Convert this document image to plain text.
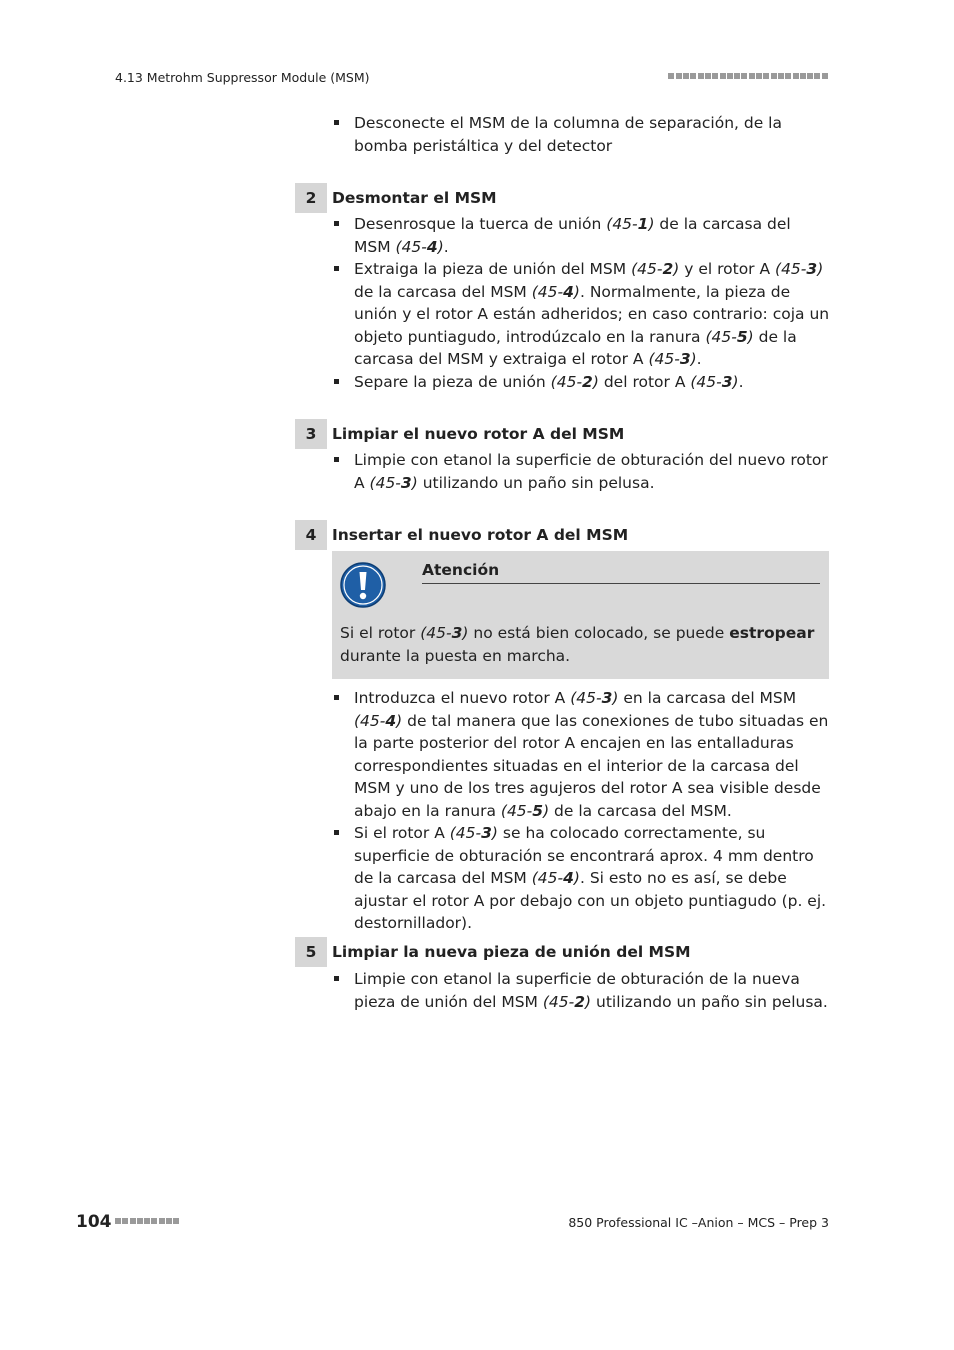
4.13 Metrohm Suppressor Module (MSM)
Desconecte el MSM de la columna de separación, de la bomba peristáltica y del detector
2	Desmontar el MSM
Desenrosque la tuerca de unión (45-1) de la carcasa del MSM (45-4).
Extraiga la pieza de unión del MSM (45-2) y el rotor A (45-3) de la carcasa del MSM (45-4). Normalmente, la pieza de unión y el rotor A están adheridos; en caso contrario: coja un objeto puntiagudo, introdúzcalo en la ranura (45-5) de la carcasa del MSM y extraiga el rotor A (45-3).
Separe la pieza de unión (45-2) del rotor A (45-3).
3	Limpiar el nuevo rotor A del MSM
Limpie con etanol la superficie de obturación del nuevo rotor A (45-3) utilizando un paño sin pelusa.
4	Insertar el nuevo rotor A del MSM
Atención
Si el rotor (45-3) no está bien colocado, se puede estropear durante la puesta en marcha.
Introduzca el nuevo rotor A (45-3) en la carcasa del MSM (45-4) de tal manera que las conexiones de tubo situadas en la parte posterior del rotor A encajen en las entalladuras correspondientes situadas en el interior de la carcasa del MSM y uno de los tres agujeros del rotor A sea visible desde abajo en la ranura (45-5) de la carcasa del MSM.
Si el rotor A (45-3) se ha colocado correctamente, su superficie de obturación se encontrará aprox. 4 mm dentro de la carcasa del MSM (45-4). Si esto no es así, se debe ajustar el rotor A por debajo con un objeto puntiagudo (p. ej. destornillador).
5	Limpiar la nueva pieza de unión del MSM
Limpie con etanol la superficie de obturación de la nueva pieza de unión del MSM (45-2) utilizando un paño sin pelusa.
104	850 Professional IC –Anion – MCS – Prep 3
